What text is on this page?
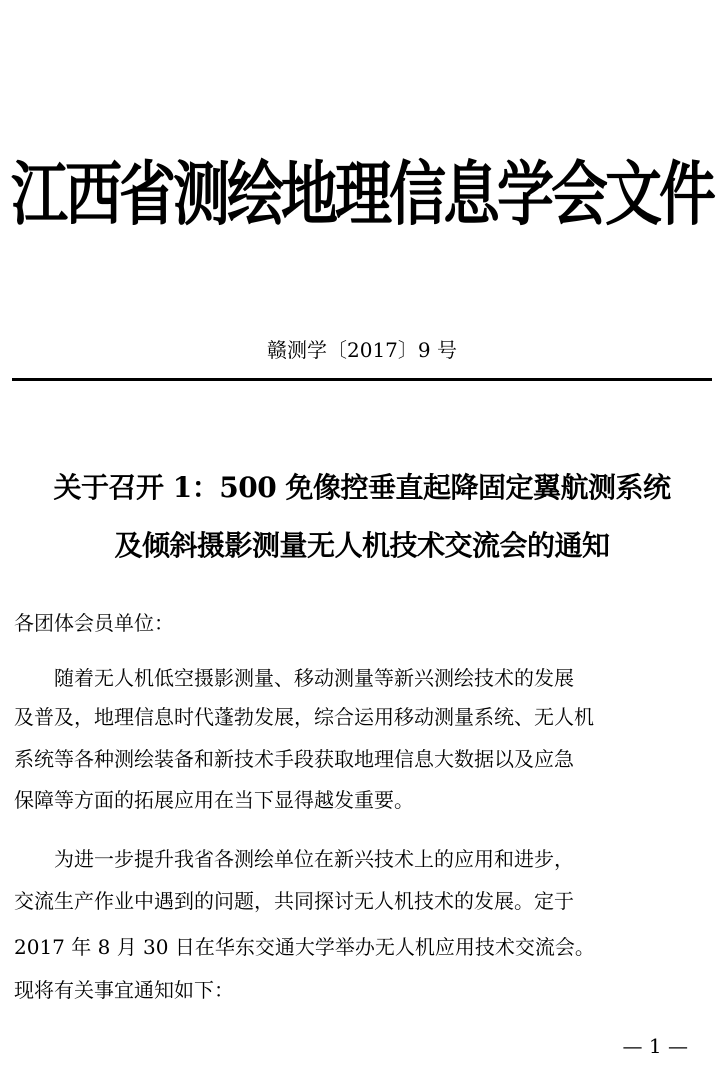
江西省测绘地理信息学会文件
赣测学〔2017〕9 号
关于召开 1：500 免像控垂直起降固定翼航测系统
及倾斜摄影测量无人机技术交流会的通知
各团体会员单位：
　　随着无人机低空摄影测量、移动测量等新兴测绘技术的发展
及普及，地理信息时代蓬勃发展，综合运用移动测量系统、无人机
系统等各种测绘装备和新技术手段获取地理信息大数据以及应急
保障等方面的拓展应用在当下显得越发重要。
　　为进一步提升我省各测绘单位在新兴技术上的应用和进步，
交流生产作业中遇到的问题，共同探讨无人机技术的发展。定于
2017 年 8 月 30 日在华东交通大学举办无人机应用技术交流会。
现将有关事宜通知如下：
— 1 —
